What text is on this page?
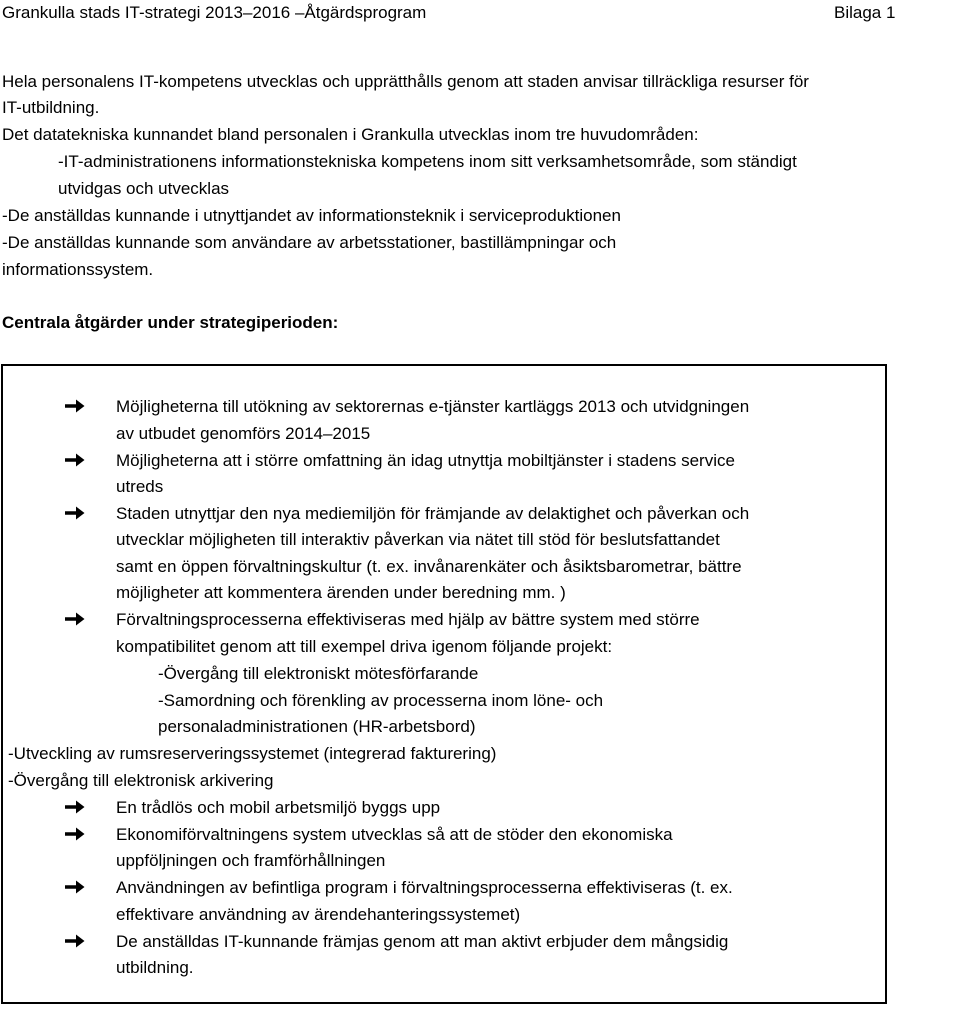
Grankulla stads IT-strategi 2013–2016 –Åtgärdsprogram	Bilaga 1
Hela personalens IT-kompetens utvecklas och upprätthålls genom att staden anvisar tillräckliga resurser för
IT-utbildning.
Det datatekniska kunnandet bland personalen i Grankulla utvecklas inom tre huvudområden:
-IT-administrationens informationstekniska kompetens inom sitt verksamhetsområde, som ständigt
utvidgas och utvecklas
-De anställdas kunnande i utnyttjandet av informationsteknik i serviceproduktionen
-De anställdas kunnande som användare av arbetsstationer, bastillämpningar och
informationssystem.
Centrala åtgärder under strategiperioden:
Möjligheterna till utökning av sektorernas e-tjänster kartläggs 2013 och utvidgningen
av utbudet genomförs 2014–2015
Möjligheterna att i större omfattning än idag utnyttja mobiltjänster i stadens service
utreds
Staden utnyttjar den nya mediemiljön för främjande av delaktighet och påverkan och
utvecklar möjligheten till interaktiv påverkan via nätet till stöd för beslutsfattandet
samt en öppen förvaltningskultur (t. ex. invånarenkäter och åsiktsbarometrar, bättre
möjligheter att kommentera ärenden under beredning mm. )
Förvaltningsprocesserna effektiviseras med hjälp av bättre system med större
kompatibilitet genom att till exempel driva igenom följande projekt:
-Övergång till elektroniskt mötesförfarande
-Samordning och förenkling av processerna inom löne- och
personaladministrationen (HR-arbetsbord)
-Utveckling av rumsreserveringssystemet (integrerad fakturering)
-Övergång till elektronisk arkivering
En trådlös och mobil arbetsmiljö byggs upp
Ekonomiförvaltningens system utvecklas så att de stöder den ekonomiska
uppföljningen och framförhållningen
Användningen av befintliga program i förvaltningsprocesserna effektiviseras (t. ex.
effektivare användning av ärendehanteringssystemet)
De anställdas IT-kunnande främjas genom att man aktivt erbjuder dem mångsidig
utbildning.
